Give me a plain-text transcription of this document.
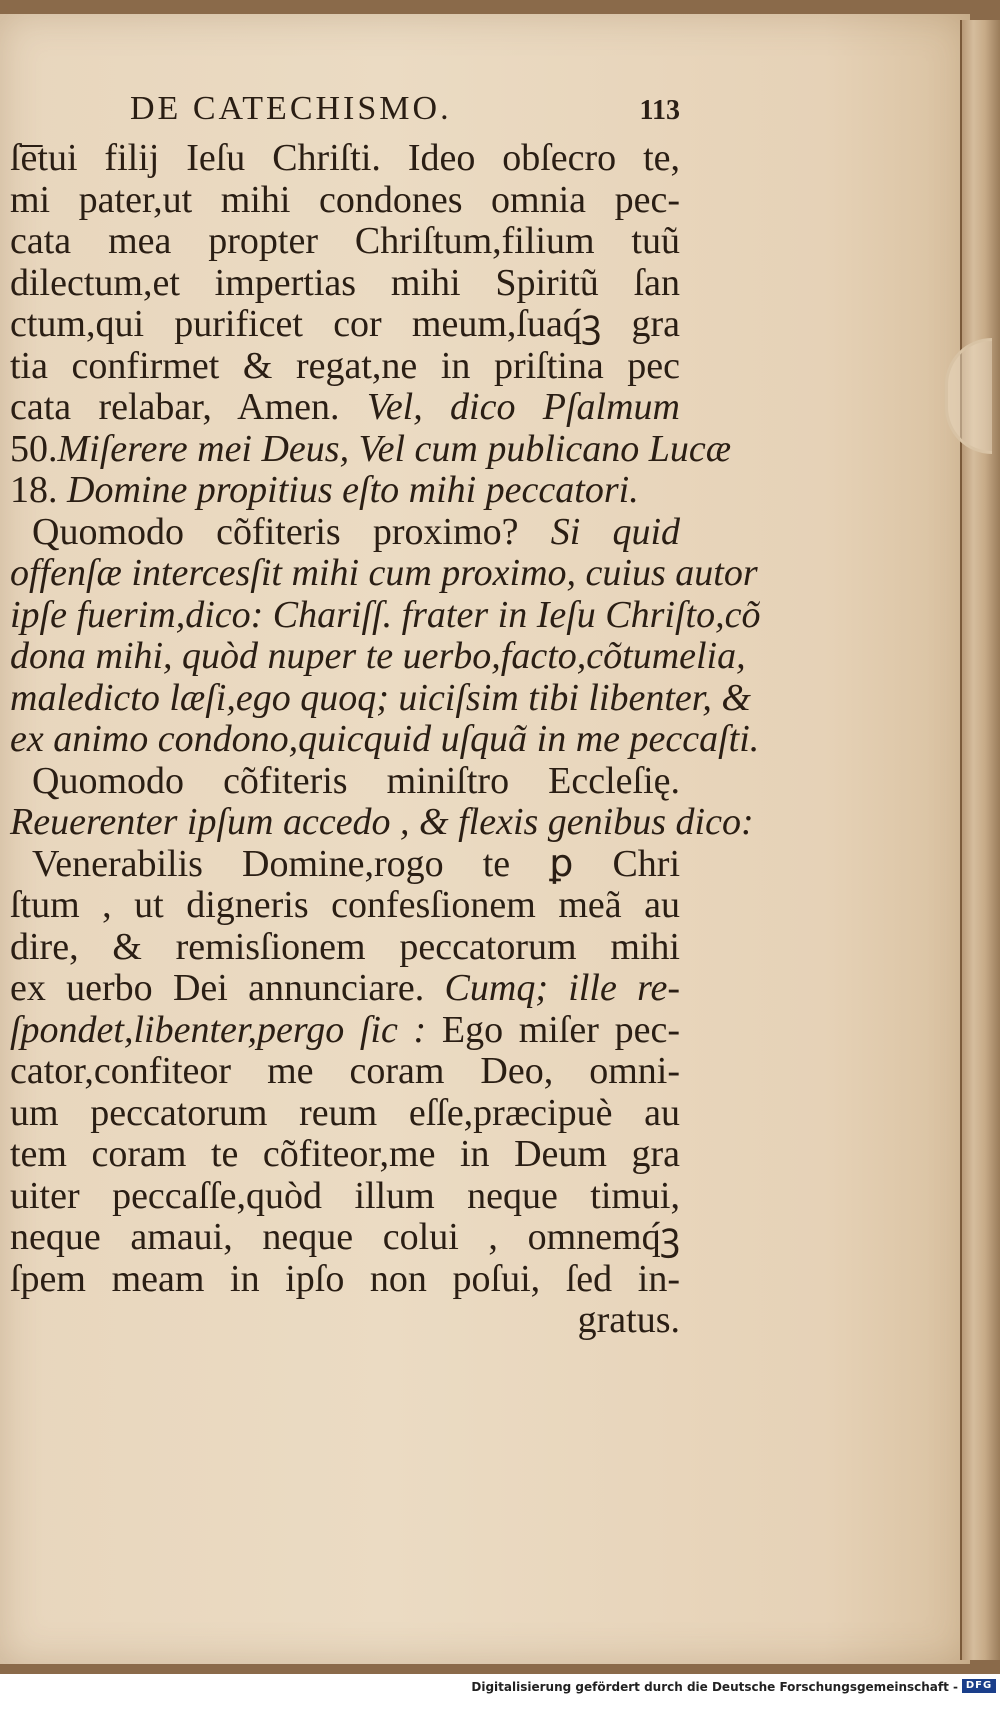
DE CATECHISMO.	113
ſ͞etui filij Ieſu Chriſti. Ideo obſecro te,
mi pater,ut mihi condones omnia pec-
cata mea propter Chriſtum,filium tuũ
dilectum,et impertias mihi Spiritũ ſan
ctum,qui purificet cor meum,ſuaq́ꝫ gra
tia confirmet & regat,ne in priſtina pec
cata relabar, Amen. Vel, dico Pſalmum
50.Miſerere mei Deus, Vel cum publicano Lucæ
18. Domine propitius eſto mihi peccatori.
Quomodo cõfiteris proximo? Si quid
offenſæ intercesſit mihi cum proximo, cuius autor
ipſe fuerim,dico: Chariſſ. frater in Ieſu Chriſto,cõ
dona mihi, quòd nuper te uerbo,facto,cõtumelia,
maledicto læſi,ego quoq; uiciſsim tibi libenter, &
ex animo condono,quicquid uſquã in me peccaſti.
Quomodo cõfiteris miniſtro Eccleſię.
Reuerenter ipſum accedo , & flexis genibus dico:
Venerabilis Domine,rogo te ꝑ Chri
ſtum , ut digneris confesſionem meã au
dire, & remisſionem peccatorum mihi
ex uerbo Dei annunciare. Cumq; ille re-
ſpondet,libenter,pergo ſic : Ego miſer pec-
cator,confiteor me coram Deo, omni-
um peccatorum reum eſſe,præcipuè au
tem coram te cõfiteor,me in Deum gra
uiter peccaſſe,quòd illum neque timui,
neque amaui, neque colui , omnemq́ꝫ
ſpem meam in ipſo non poſui, ſed in-
gratus.
Digitalisierung gefördert durch die Deutsche Forschungsgemeinschaft - DFG
